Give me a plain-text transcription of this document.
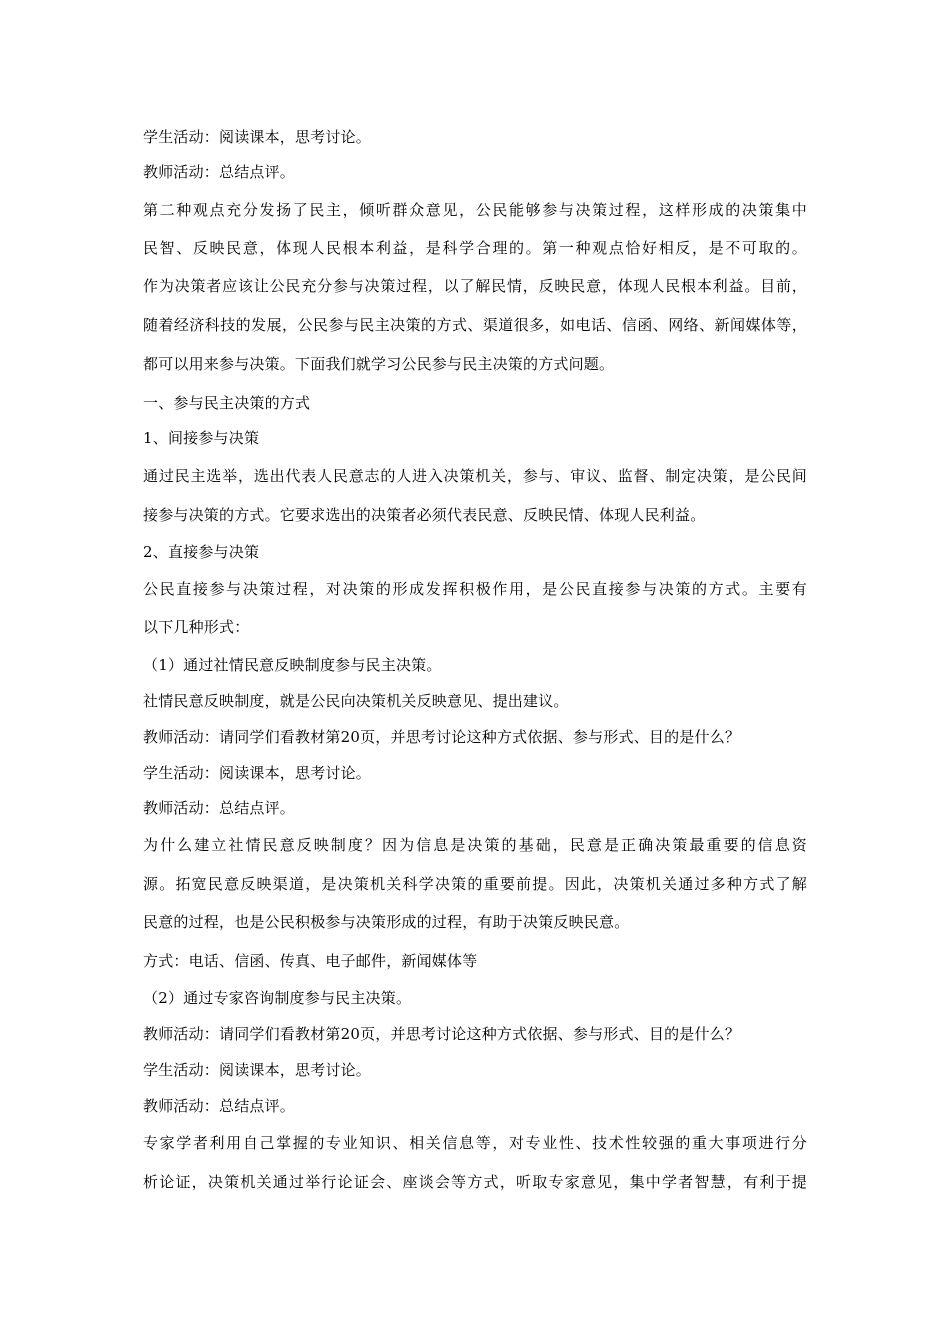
学生活动：阅读课本，思考讨论。
教师活动：总结点评。
第二种观点充分发扬了民主，倾听群众意见，公民能够参与决策过程，这样形成的决策集中
民智、反映民意，体现人民根本利益，是科学合理的。第一种观点恰好相反，是不可取的。
作为决策者应该让公民充分参与决策过程，以了解民情，反映民意，体现人民根本利益。目前，
随着经济科技的发展，公民参与民主决策的方式、渠道很多，如电话、信函、网络、新闻媒体等，
都可以用来参与决策。下面我们就学习公民参与民主决策的方式问题。
一、参与民主决策的方式
1、间接参与决策
通过民主选举，选出代表人民意志的人进入决策机关，参与、审议、监督、制定决策，是公民间
接参与决策的方式。它要求选出的决策者必须代表民意、反映民情、体现人民利益。
2、直接参与决策
公民直接参与决策过程，对决策的形成发挥积极作用，是公民直接参与决策的方式。主要有
以下几种形式：
（1）通过社情民意反映制度参与民主决策。
社情民意反映制度，就是公民向决策机关反映意见、提出建议。
教师活动：请同学们看教材第20页，并思考讨论这种方式依据、参与形式、目的是什么？
学生活动：阅读课本，思考讨论。
教师活动：总结点评。
为什么建立社情民意反映制度？因为信息是决策的基础，民意是正确决策最重要的信息资
源。拓宽民意反映渠道，是决策机关科学决策的重要前提。因此，决策机关通过多种方式了解
民意的过程，也是公民积极参与决策形成的过程，有助于决策反映民意。
方式：电话、信函、传真、电子邮件，新闻媒体等
（2）通过专家咨询制度参与民主决策。
教师活动：请同学们看教材第20页，并思考讨论这种方式依据、参与形式、目的是什么？
学生活动：阅读课本，思考讨论。
教师活动：总结点评。
专家学者利用自己掌握的专业知识、相关信息等，对专业性、技术性较强的重大事项进行分
析论证，决策机关通过举行论证会、座谈会等方式，听取专家意见，集中学者智慧，有利于提
